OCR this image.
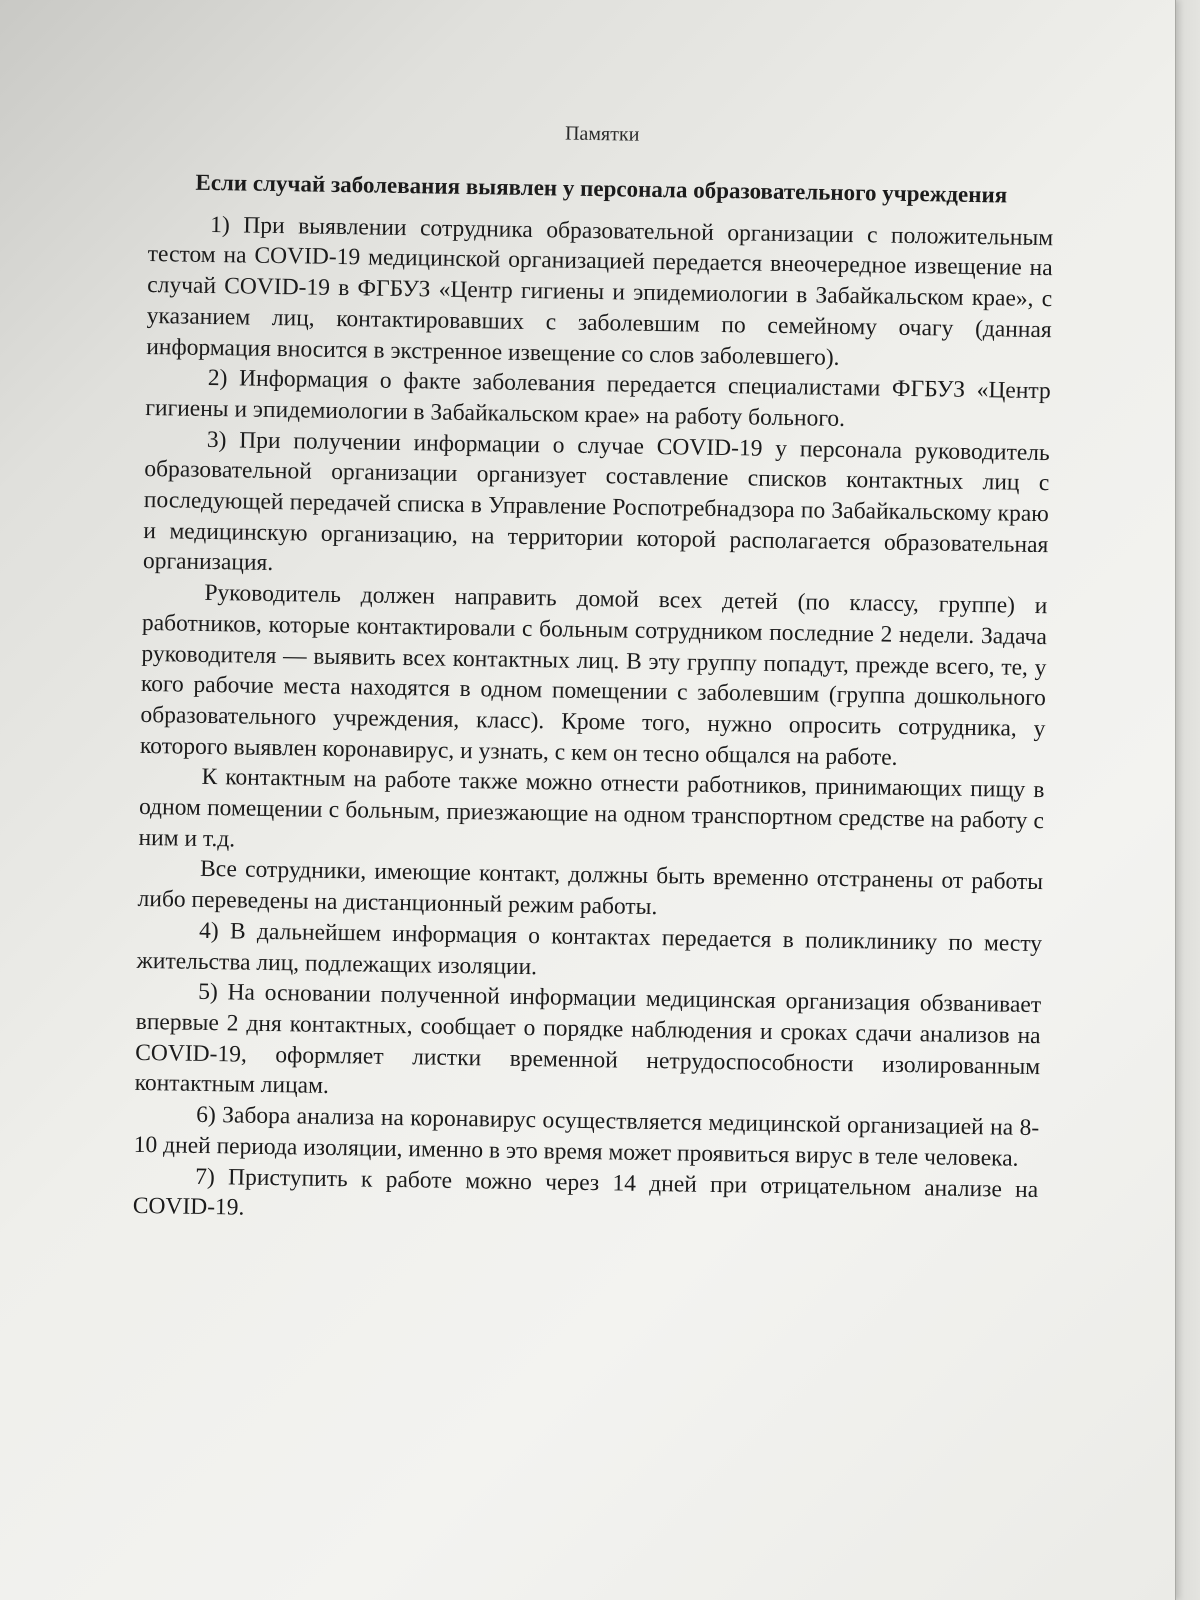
Памятки
Если случай заболевания выявлен у персонала образовательного учреждения

1) При выявлении сотрудника образовательной организации с положительным тестом на COVID-19 медицинской организацией передается внеочередное извещение на случай COVID-19 в ФГБУЗ «Центр гигиены и эпидемиологии в Забайкальском крае», с указанием лиц, контактировавших с заболевшим по семейному очагу (данная информация вносится в экстренное извещение со слов заболевшего).

2) Информация о факте заболевания передается специалистами ФГБУЗ «Центр гигиены и эпидемиологии в Забайкальском крае» на работу больного.

3) При получении информации о случае COVID-19 у персонала руководитель образовательной организации организует составление списков контактных лиц с последующей передачей списка в Управление Роспотребнадзора по Забайкальскому краю и медицинскую организацию, на территории которой располагается образовательная организация.

Руководитель должен направить домой всех детей (по классу, группе) и работников, которые контактировали с больным сотрудником последние 2 недели. Задача руководителя — выявить всех контактных лиц. В эту группу попадут, прежде всего, те, у кого рабочие места находятся в одном помещении с заболевшим (группа дошкольного образовательного учреждения, класс). Кроме того, нужно опросить сотрудника, у которого выявлен коронавирус, и узнать, с кем он тесно общался на работе.

К контактным на работе также можно отнести работников, принимающих пищу в одном помещении с больным, приезжающие на одном транспортном средстве на работу с ним и т.д.

Все сотрудники, имеющие контакт, должны быть временно отстранены от работы либо переведены на дистанционный режим работы.

4) В дальнейшем информация о контактах передается в поликлинику по месту жительства лиц, подлежащих изоляции.

5) На основании полученной информации медицинская организация обзванивает впервые 2 дня контактных, сообщает о порядке наблюдения и сроках сдачи анализов на COVID-19, оформляет листки временной нетрудоспособности изолированным контактным лицам.

6) Забора анализа на коронавирус осуществляется медицинской организацией на 8-10 дней периода изоляции, именно в это время может проявиться вирус в теле человека.

7) Приступить к работе можно через 14 дней при отрицательном анализе на COVID-19.
